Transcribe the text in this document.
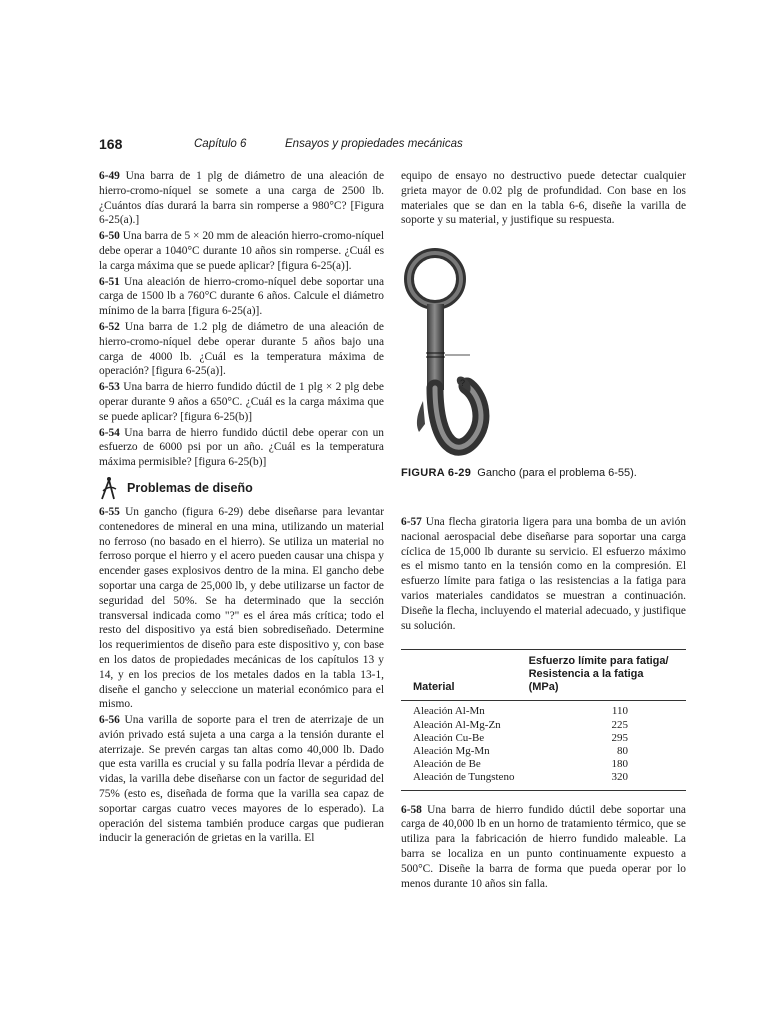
168	Capítulo 6	Ensayos y propiedades mecánicas

6-49 Una barra de 1 plg de diámetro de una aleación de hierro-cromo-níquel se somete a una carga de 2500 lb. ¿Cuántos días durará la barra sin romperse a 980°C? [Figura 6-25(a).]

6-50 Una barra de 5 × 20 mm de aleación hierro-cromo-níquel debe operar a 1040°C durante 10 años sin romperse. ¿Cuál es la carga máxima que se puede aplicar? [figura 6-25(a)].

6-51 Una aleación de hierro-cromo-níquel debe soportar una carga de 1500 lb a 760°C durante 6 años. Calcule el diámetro mínimo de la barra [figura 6-25(a)].

6-52 Una barra de 1.2 plg de diámetro de una aleación de hierro-cromo-níquel debe operar durante 5 años bajo una carga de 4000 lb. ¿Cuál es la temperatura máxima de operación? [figura 6-25(a)].

6-53 Una barra de hierro fundido dúctil de 1 plg × 2 plg debe operar durante 9 años a 650°C. ¿Cuál es la carga máxima que se puede aplicar? [figura 6-25(b)]

6-54 Una barra de hierro fundido dúctil debe operar con un esfuerzo de 6000 psi por un año. ¿Cuál es la temperatura máxima permisible? [figura 6-25(b)]

Problemas de diseño

6-55 Un gancho (figura 6-29) debe diseñarse para levantar contenedores de mineral en una mina, utilizando un material no ferroso (no basado en el hierro). Se utiliza un material no ferroso porque el hierro y el acero pueden causar una chispa y encender gases explosivos dentro de la mina. El gancho debe soportar una carga de 25,000 lb, y debe utilizarse un factor de seguridad del 50%. Se ha determinado que la sección transversal indicada como "?" es el área más crítica; todo el resto del dispositivo ya está bien sobrediseñado. Determine los requerimientos de diseño para este dispositivo y, con base en los datos de propiedades mecánicas de los capítulos 13 y 14, y en los precios de los metales dados en la tabla 13-1, diseñe el gancho y seleccione un material económico para el mismo.

6-56 Una varilla de soporte para el tren de aterrizaje de un avión privado está sujeta a una carga a la tensión durante el aterrizaje. Se prevén cargas tan altas como 40,000 lb. Dado que esta varilla es crucial y su falla podría llevar a pérdida de vidas, la varilla debe diseñarse con un factor de seguridad del 75% (esto es, diseñada de forma que la varilla sea capaz de soportar cargas cuatro veces mayores de lo esperado). La operación del sistema también produce cargas que pudieran inducir la generación de grietas en la varilla. El

equipo de ensayo no destructivo puede detectar cualquier grieta mayor de 0.02 plg de profundidad. Con base en los materiales que se dan en la tabla 6-6, diseñe la varilla de soporte y su material, y justifique su respuesta.

?

FIGURA 6-29 Gancho (para el problema 6-55).

6-57 Una flecha giratoria ligera para una bomba de un avión nacional aerospacial debe diseñarse para soportar una carga cíclica de 15,000 lb durante su servicio. El esfuerzo máximo es el mismo tanto en la tensión como en la compresión. El esfuerzo límite para fatiga o las resistencias a la fatiga para varios materiales candidatos se muestran a continuación. Diseñe la flecha, incluyendo el material adecuado, y justifique su solución.

Material	Esfuerzo límite para fatiga/
Resistencia a la fatiga
(MPa)

Aleación Al-Mn	110
Aleación Al-Mg-Zn	225
Aleación Cu-Be	295
Aleación Mg-Mn	80
Aleación de Be	180
Aleación de Tungsteno	320

6-58 Una barra de hierro fundido dúctil debe soportar una carga de 40,000 lb en un horno de tratamiento térmico, que se utiliza para la fabricación de hierro fundido maleable. La barra se localiza en un punto continuamente expuesto a 500°C. Diseñe la barra de forma que pueda operar por lo menos durante 10 años sin falla.
